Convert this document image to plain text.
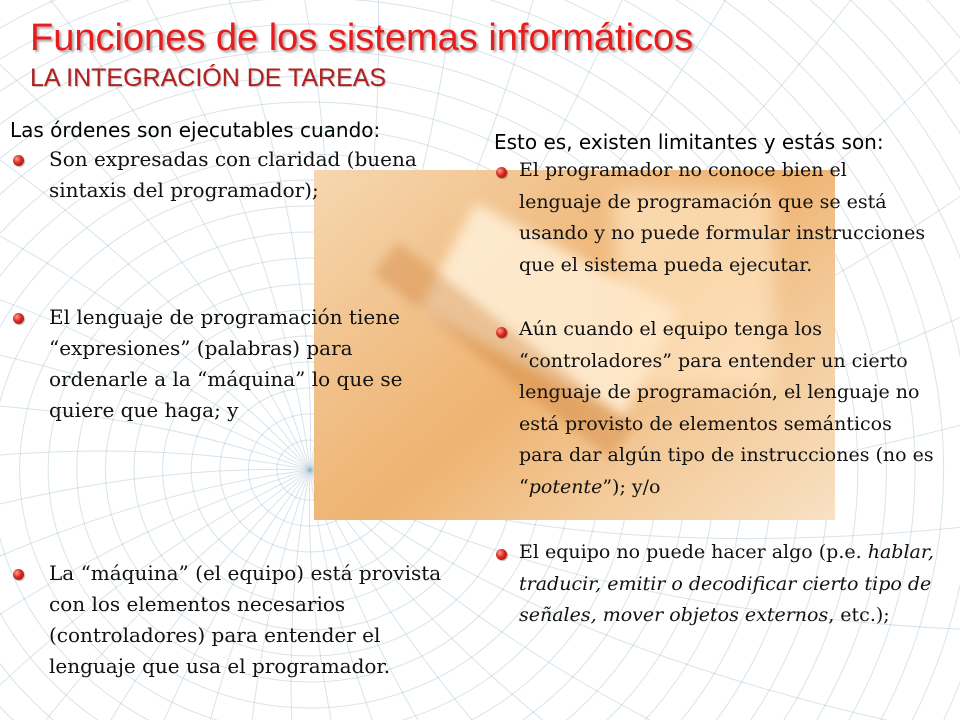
Funciones de los sistemas informáticos
LA INTEGRACIÓN DE TAREAS
Las órdenes son ejecutables cuando:
Son expresadas con claridad (buena sintaxis del programador);
El lenguaje de programación tiene “expresiones” (palabras) para ordenarle a la “máquina” lo que se quiere que haga; y
La “máquina” (el equipo) está provista con los elementos necesarios (controladores) para entender el lenguaje que usa el programador.
Esto es, existen limitantes y estás son:
El programador no conoce bien el lenguaje de programación que se está usando y no puede formular instrucciones que el sistema pueda ejecutar.
Aún cuando el equipo tenga los “controladores” para entender un cierto lenguaje de programación, el lenguaje no está provisto de elementos semánticos para dar algún tipo de instrucciones (no es “potente”); y/o
El equipo no puede hacer algo (p.e. hablar, traducir, emitir o decodificar cierto tipo de señales, mover objetos externos, etc.);
